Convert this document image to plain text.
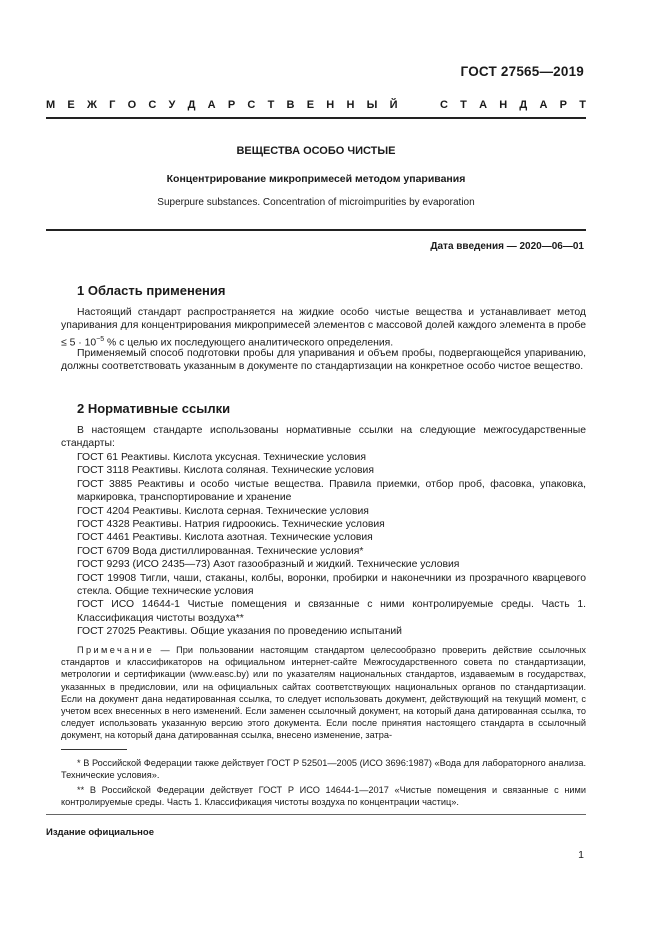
ГОСТ 27565—2019
М Е Ж Г О С У Д А Р С Т В Е Н Н Ы Й	С Т А Н Д А Р Т
ВЕЩЕСТВА ОСОБО ЧИСТЫЕ
Концентрирование микропримесей методом упаривания
Superpure substances. Concentration of microimpurities by evaporation
Дата введения — 2020—06—01
1 Область применения
Настоящий стандарт распространяется на жидкие особо чистые вещества и устанавливает метод упаривания для концентрирования микропримесей элементов с массовой долей каждого элемента в пробе ≤ $5 \cdot 10^{-5}$ % с целью их последующего аналитического определения.
Применяемый способ подготовки пробы для упаривания и объем пробы, подвергающейся упариванию, должны соответствовать указанным в документе по стандартизации на конкретное особо чистое вещество.
2 Нормативные ссылки
В настоящем стандарте использованы нормативные ссылки на следующие межгосударственные стандарты:
ГОСТ 61 Реактивы. Кислота уксусная. Технические условия
ГОСТ 3118 Реактивы. Кислота соляная. Технические условия
ГОСТ 3885 Реактивы и особо чистые вещества. Правила приемки, отбор проб, фасовка, упаковка, маркировка, транспортирование и хранение
ГОСТ 4204 Реактивы. Кислота серная. Технические условия
ГОСТ 4328 Реактивы. Натрия гидроокись. Технические условия
ГОСТ 4461 Реактивы. Кислота азотная. Технические условия
ГОСТ 6709 Вода дистиллированная. Технические условия*
ГОСТ 9293 (ИСО 2435—73) Азот газообразный и жидкий. Технические условия
ГОСТ 19908 Тигли, чаши, стаканы, колбы, воронки, пробирки и наконечники из прозрачного кварцевого стекла. Общие технические условия
ГОСТ ИСО 14644-1 Чистые помещения и связанные с ними контролируемые среды. Часть 1. Классификация чистоты воздуха**
ГОСТ 27025 Реактивы. Общие указания по проведению испытаний
Примечание — При пользовании настоящим стандартом целесообразно проверить действие ссылочных стандартов и классификаторов на официальном интернет-сайте Межгосударственного совета по стандартизации, метрологии и сертификации (www.easc.by) или по указателям национальных стандартов, издаваемым в государствах, указанных в предисловии, или на официальных сайтах соответствующих национальных органов по стандартизации. Если на документ дана недатированная ссылка, то следует использовать документ, действующий на текущий момент, с учетом всех внесенных в него изменений. Если заменен ссылочный документ, на который дана датированная ссылка, то следует использовать указанную версию этого документа. Если после принятия настоящего стандарта в ссылочный документ, на который дана датированная ссылка, внесено изменение, затра-
* В Российской Федерации также действует ГОСТ Р 52501—2005 (ИСО 3696:1987) «Вода для лабораторного анализа. Технические условия».
** В Российской Федерации действует ГОСТ Р ИСО 14644-1—2017 «Чистые помещения и связанные с ними контролируемые среды. Часть 1. Классификация чистоты воздуха по концентрации частиц».
Издание официальное
1
